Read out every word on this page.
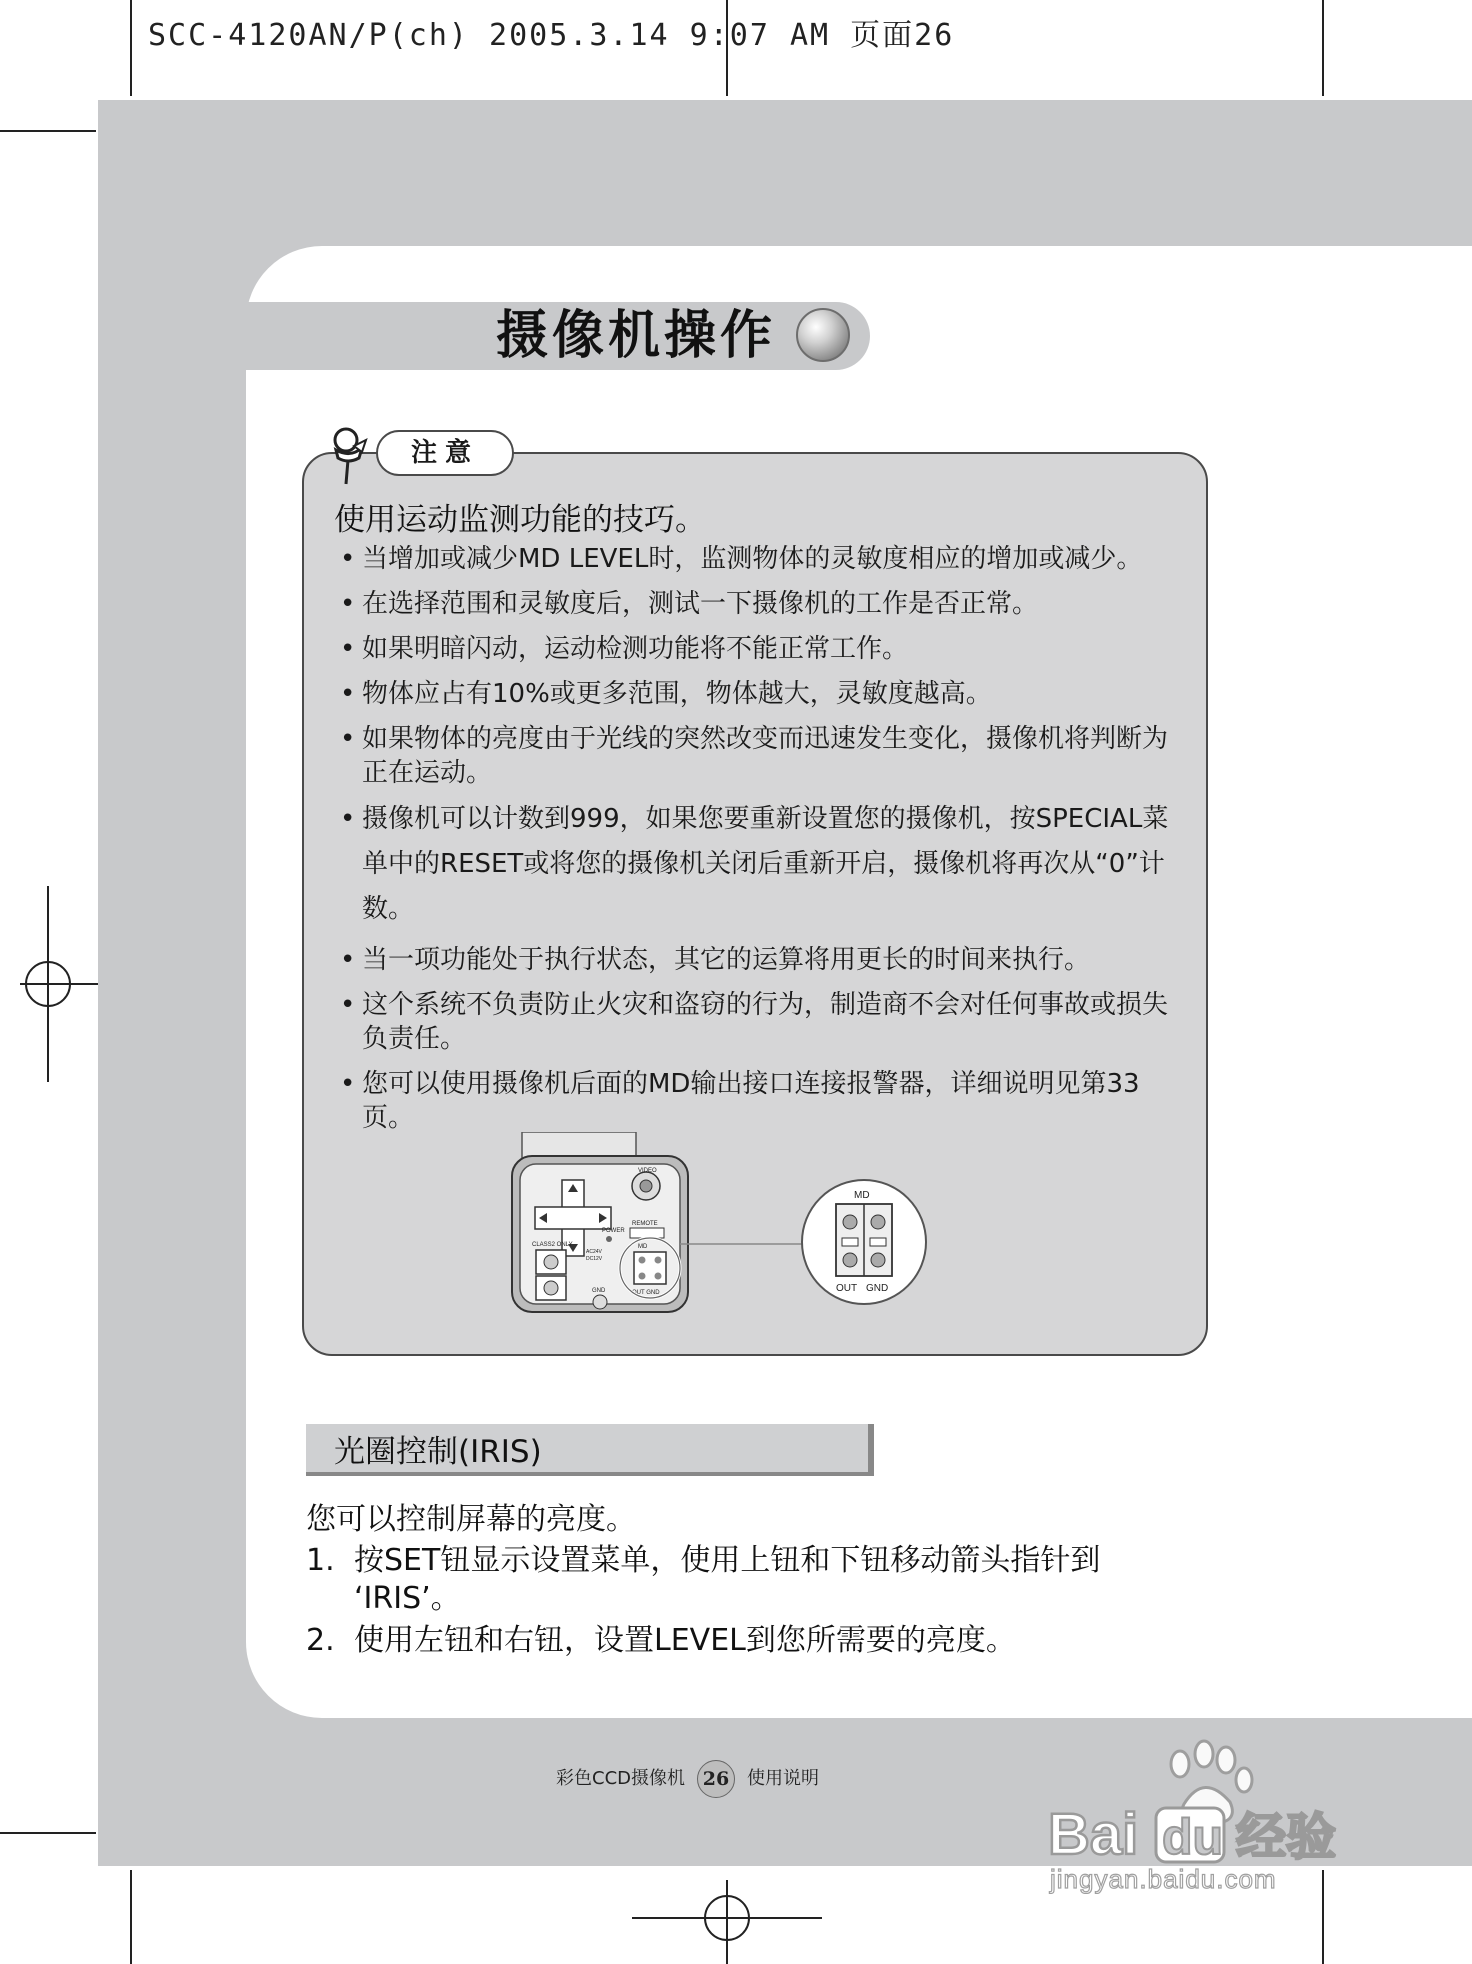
SCC-4120AN/P(ch) 2005.3.14 9:07 AM 页面26
摄像机操作
注意
使用运动监测功能的技巧。
• 当增加或减少MD LEVEL时，监测物体的灵敏度相应的增加或减少。
• 在选择范围和灵敏度后，测试一下摄像机的工作是否正常。
• 如果明暗闪动，运动检测功能将不能正常工作。
• 物体应占有10%或更多范围，物体越大，灵敏度越高。
• 如果物体的亮度由于光线的突然改变而迅速发生变化，摄像机将判断为正在运动。
• 摄像机可以计数到999，如果您要重新设置您的摄像机，按SPECIAL菜单中的RESET或将您的摄像机关闭后重新开启，摄像机将再次从“0”计数。
• 当一项功能处于执行状态，其它的运算将用更长的时间来执行。
• 这个系统不负责防止火灾和盗窃的行为，制造商不会对任何事故或损失负责任。
• 您可以使用摄像机后面的MD输出接口连接报警器，详细说明见第33页。
VIDEO
REMOTE
POWER
CLASS2 ONLY
AC24V
DC12V
MD
OUT GND
GND
MD
OUT GND
光圈控制(IRIS)
您可以控制屏幕的亮度。
1. 按SET钮显示设置菜单，使用上钮和下钮移动箭头指针到
‘IRIS’。
2. 使用左钮和右钮，设置LEVEL到您所需要的亮度。
彩色CCD摄像机 26 使用说明
Bai du 经验
jingyan.baidu.com
